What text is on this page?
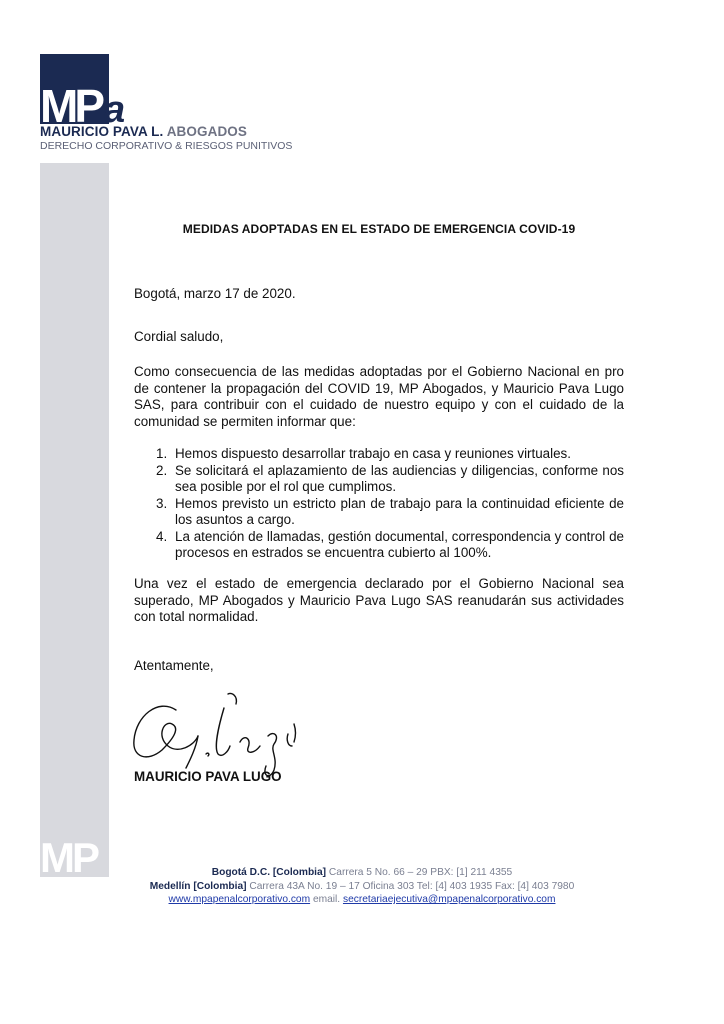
MPa
MAURICIO PAVA L. ABOGADOS
DERECHO CORPORATIVO & RIESGOS PUNITIVOS
MP
MEDIDAS ADOPTADAS EN EL ESTADO DE EMERGENCIA COVID-19
Bogotá, marzo 17 de 2020.
Cordial saludo,
Como consecuencia de las medidas adoptadas por el Gobierno Nacional en pro de contener la propagación del COVID 19, MP Abogados, y Mauricio Pava Lugo SAS, para contribuir con el cuidado de nuestro equipo y con el cuidado de la comunidad se permiten informar que:
1. Hemos dispuesto desarrollar trabajo en casa y reuniones virtuales.
2. Se solicitará el aplazamiento de las audiencias y diligencias, conforme nos sea posible por el rol que cumplimos.
3. Hemos previsto un estricto plan de trabajo para la continuidad eficiente de los asuntos a cargo.
4. La atención de llamadas, gestión documental, correspondencia y control de procesos en estrados se encuentra cubierto al 100%.
Una vez el estado de emergencia declarado por el Gobierno Nacional sea superado, MP Abogados y Mauricio Pava Lugo SAS reanudarán sus actividades con total normalidad.
Atentamente,
MAURICIO PAVA LUGO
Bogotá D.C. [Colombia] Carrera 5 No. 66 – 29 PBX: [1] 211 4355
Medellín [Colombia] Carrera 43A No. 19 – 17 Oficina 303 Tel: [4] 403 1935 Fax: [4] 403 7980
www.mpapenalcorporativo.com email. secretariaejecutiva@mpapenalcorporativo.com
